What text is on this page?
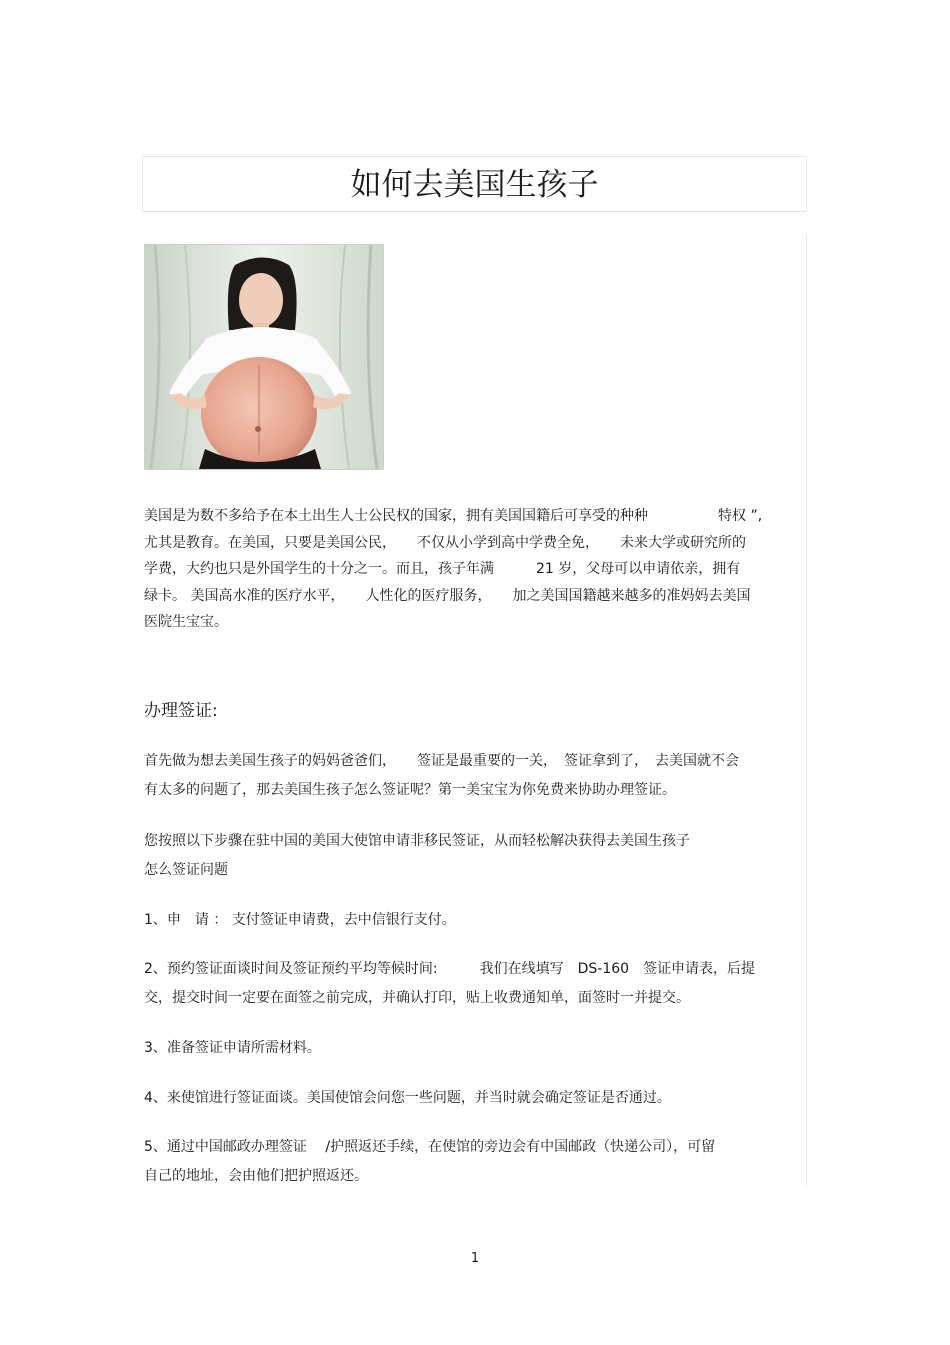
如何去美国生孩子
美国是为数不多给予在本土出生人士公民权的国家，拥有美国国籍后可享受的种种　　　　　特权 ”,
尤其是教育。在美国，只要是美国公民，　　不仅从小学到高中学费全免，　　未来大学或研究所的
学费，大约也只是外国学生的十分之一。而且，孩子年满　　　21 岁，父母可以申请依亲，拥有
绿卡。 美国高水准的医疗水平，　　人性化的医疗服务，　　加之美国国籍越来越多的准妈妈去美国
医院生宝宝。
办理签证:
首先做为想去美国生孩子的妈妈爸爸们，　　签证是最重要的一关，　签证拿到了，　去美国就不会
有太多的问题了，那去美国生孩子怎么签证呢？第一美宝宝为你免费来协助办理签证。
您按照以下步骤在驻中国的美国大使馆申请非移民签证，从而轻松解决获得去美国生孩子
怎么签证问题
1、申　请 ： 支付签证申请费，去中信银行支付。
2、预约签证面谈时间及签证预约平均等候时间:　　　我们在线填写　DS-160　签证申请表，后提
交，提交时间一定要在面签之前完成，并确认打印，贴上收费通知单，面签时一并提交。
3、准备签证申请所需材料。
4、来使馆进行签证面谈。美国使馆会问您一些问题，并当时就会确定签证是否通过。
5、通过中国邮政办理签证　 /护照返还手续，在使馆的旁边会有中国邮政（快递公司），可留
自己的地址，会由他们把护照返还。
1
